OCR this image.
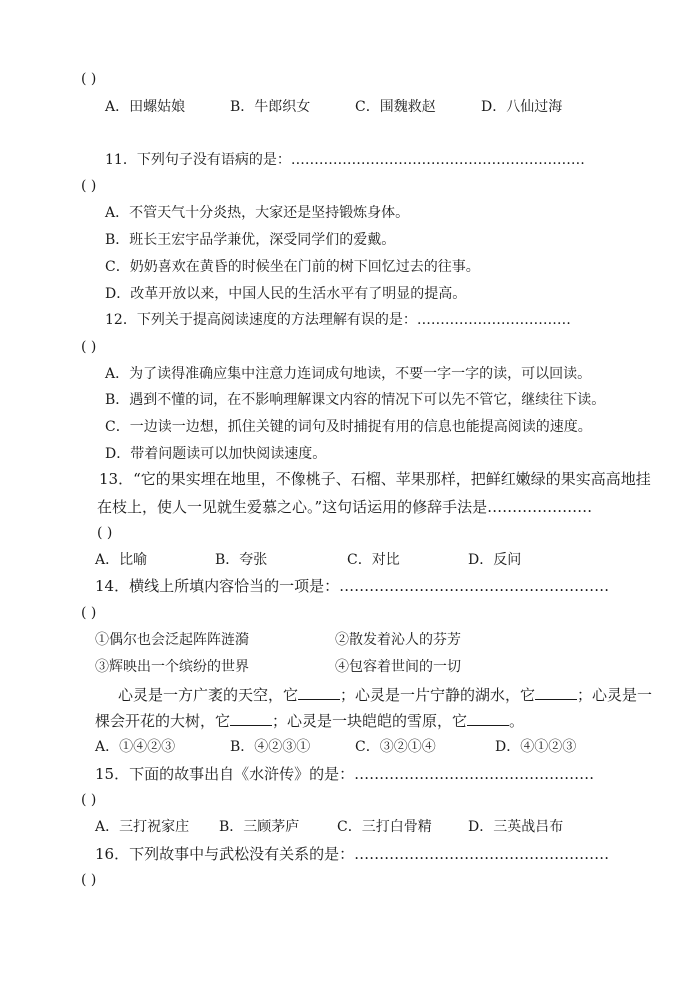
( )
A．田螺姑娘	B．牛郎织女	C．围魏救赵	D．八仙过海
11．下列句子没有语病的是：………………………………………………………
( )
A．不管天气十分炎热，大家还是坚持锻炼身体。
B．班长王宏宇品学兼优，深受同学们的爱戴。
C．奶奶喜欢在黄昏的时候坐在门前的树下回忆过去的往事。
D．改革开放以来，中国人民的生活水平有了明显的提高。
12．下列关于提高阅读速度的方法理解有误的是：……………………………
( )
A．为了读得准确应集中注意力连词成句地读，不要一字一字的读，可以回读。
B．遇到不懂的词，在不影响理解课文内容的情况下可以先不管它，继续往下读。
C．一边读一边想，抓住关键的词句及时捕捉有用的信息也能提高阅读的速度。
D．带着问题读可以加快阅读速度。
13．“它的果实埋在地里，不像桃子、石榴、苹果那样，把鲜红嫩绿的果实高高地挂
在枝上，使人一见就生爱慕之心。”这句话运用的修辞手法是…………………
( )
A．比喻	B．夸张	C．对比	D．反问
14．横线上所填内容恰当的一项是：………………………………………………
( )
①偶尔也会泛起阵阵涟漪	②散发着沁人的芬芳
③辉映出一个缤纷的世界	④包容着世间的一切
心灵是一方广袤的天空，它	；心灵是一片宁静的湖水，它	；心灵是一
棵会开花的大树，它	；心灵是一块皑皑的雪原，它	。
A．①④②③	B．④②③①	C．③②①④	D．④①②③
15．下面的故事出自《水浒传》的是：…………………………………………
( )
A．三打祝家庄 B．三顾茅庐	C．三打白骨精	D．三英战吕布
16．下列故事中与武松没有关系的是：……………………………………………
( )
